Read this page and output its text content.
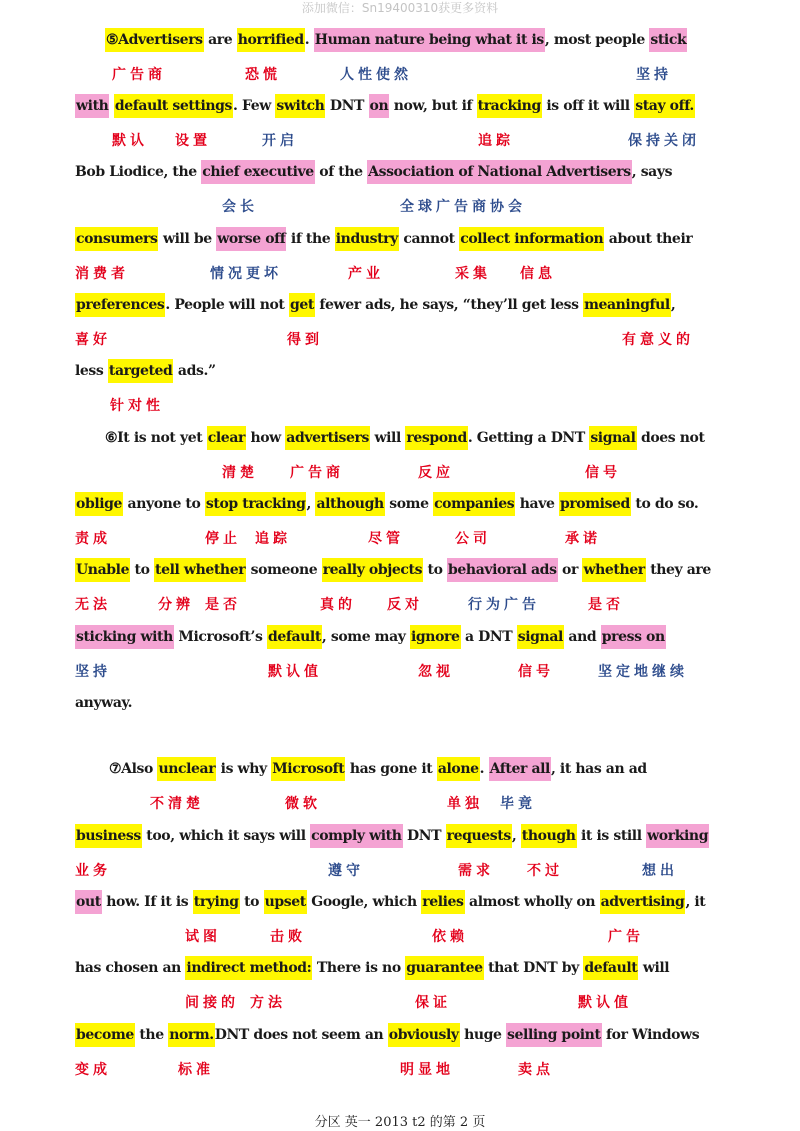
添加微信：Sn19400310获更多资料
⑤Advertisers are horrified. Human nature being what it is, most people stick
with default settings. Few switch DNT on now, but if tracking is off it will stay off.
Bob Liodice, the chief executive of the Association of National Advertisers, says
consumers will be worse off if the industry cannot collect information about their
preferences. People will not get fewer ads, he says, “they’ll get less meaningful,
less targeted ads.”
⑥It is not yet clear how advertisers will respond. Getting a DNT signal does not
oblige anyone to stop tracking, although some companies have promised to do so.
Unable to tell whether someone really objects to behavioral ads or whether they are
sticking with Microsoft’s default, some may ignore a DNT signal and press on
anyway.
⑦Also unclear is why Microsoft has gone it alone. After all, it has an ad
business too, which it says will comply with DNT requests, though it is still working
out how. If it is trying to upset Google, which relies almost wholly on advertising, it
has chosen an indirect method: There is no guarantee that DNT by default will
become the norm.DNT does not seem an obviously huge selling point for Windows
广告商	恐慌	人性使然	坚持
默认 设置	开启	追踪	保持关闭
会长	全球广告商协会
消费者	情况更坏	产业	采集 信息
喜好	得到	有意义的
针对性
清楚 广告商	反应	信号
责成	停止 追踪	尽管	公司	承诺
无法	分辨 是否	真的 反对	行为广告	是否
坚持	默认值	忽视	信号	坚定地继续
不清楚	微软	单独 毕竟
业务	遵守	需求 不过	想出
试图	击败	依赖	广告
间接的 方法	保证	默认值
变成	标准	明显地	卖点
分区 英一 2013 t2 的第 2 页
